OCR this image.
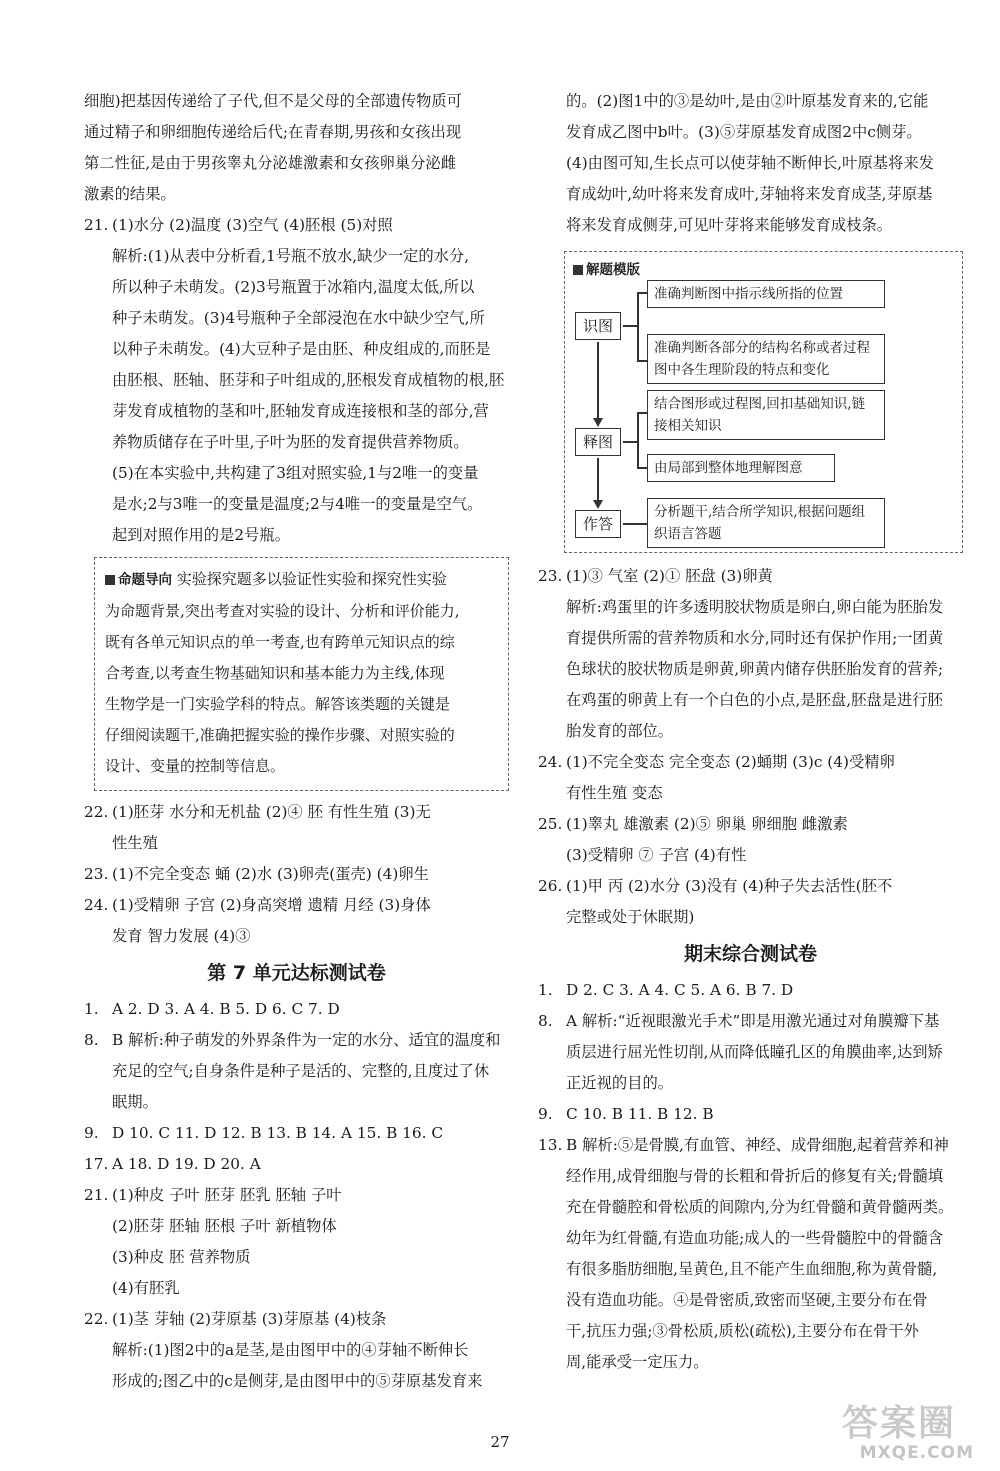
细胞)把基因传递给了子代,但不是父母的全部遗传物质可

通过精子和卵细胞传递给后代;在青春期,男孩和女孩出现

第二性征,是由于男孩睾丸分泌雄激素和女孩卵巢分泌雌

激素的结果。

21. (1)水分 (2)温度 (3)空气 (4)胚根 (5)对照
解析:(1)从表中分析看,1号瓶不放水,缺少一定的水分,
所以种子未萌发。(2)3号瓶置于冰箱内,温度太低,所以
种子未萌发。(3)4号瓶种子全部浸泡在水中缺少空气,所
以种子未萌发。(4)大豆种子是由胚、种皮组成的,而胚是
由胚根、胚轴、胚芽和子叶组成的,胚根发育成植物的根,胚
芽发育成植物的茎和叶,胚轴发育成连接根和茎的部分,营
养物质储存在子叶里,子叶为胚的发育提供营养物质。
(5)在本实验中,共构建了3组对照实验,1与2唯一的变量
是水;2与3唯一的变量是温度;2与4唯一的变量是空气。
起到对照作用的是2号瓶。
命题导向 实验探究题多以验证性实验和探究性实验
为命题背景,突出考查对实验的设计、分析和评价能力,
既有各单元知识点的单一考查,也有跨单元知识点的综
合考查,以考查生物基础知识和基本能力为主线,体现
生物学是一门实验学科的特点。解答该类题的关键是
仔细阅读题干,准确把握实验的操作步骤、对照实验的
设计、变量的控制等信息。
22. (1)胚芽 水分和无机盐 (2)④ 胚 有性生殖 (3)无
性生殖
23. (1)不完全变态 蛹 (2)水 (3)卵壳(蛋壳) (4)卵生
24. (1)受精卵 子宫 (2)身高突增 遗精 月经 (3)身体
发育 智力发展 (4)③
第 7 单元达标测试卷
1. A 2. D 3. A 4. B 5. D 6. C 7. D
8. B 解析:种子萌发的外界条件为一定的水分、适宜的温度和
充足的空气;自身条件是种子是活的、完整的,且度过了休
眠期。
9. D 10. C 11. D 12. B 13. B 14. A 15. B 16. C
17. A 18. D 19. D 20. A
21. (1)种皮 子叶 胚芽 胚乳 胚轴 子叶
(2)胚芽 胚轴 胚根 子叶 新植物体
(3)种皮 胚 营养物质
(4)有胚乳
22. (1)茎 芽轴 (2)芽原基 (3)芽原基 (4)枝条
解析:(1)图2中的a是茎,是由图甲中的④芽轴不断伸长
形成的;图乙中的c是侧芽,是由图甲中的⑤芽原基发育来

的。(2)图1中的③是幼叶,是由②叶原基发育来的,它能

发育成乙图中b叶。(3)⑤芽原基发育成图2中c侧芽。

(4)由图可知,生长点可以使芽轴不断伸长,叶原基将来发

育成幼叶,幼叶将来发育成叶,芽轴将来发育成茎,芽原基

将来发育成侧芽,可见叶芽将来能够发育成枝条。

解题模版
识图
释图
作答
准确判断图中指示线所指的位置
准确判断各部分的结构名称或者过程图中各生理阶段的特点和变化
结合图形或过程图,回扣基础知识,链接相关知识
由局部到整体地理解图意
分析题干,结合所学知识,根据问题组织语言答题
23. (1)③ 气室 (2)① 胚盘 (3)卵黄
解析:鸡蛋里的许多透明胶状物质是卵白,卵白能为胚胎发
育提供所需的营养物质和水分,同时还有保护作用;一团黄
色球状的胶状物质是卵黄,卵黄内储存供胚胎发育的营养;
在鸡蛋的卵黄上有一个白色的小点,是胚盘,胚盘是进行胚
胎发育的部位。
24. (1)不完全变态 完全变态 (2)蛹期 (3)c (4)受精卵
有性生殖 变态
25. (1)睾丸 雄激素 (2)⑤ 卵巢 卵细胞 雌激素
(3)受精卵 ⑦ 子宫 (4)有性
26. (1)甲 丙 (2)水分 (3)没有 (4)种子失去活性(胚不
完整或处于休眠期)
期末综合测试卷
1. D 2. C 3. A 4. C 5. A 6. B 7. D
8. A 解析:“近视眼激光手术”即是用激光通过对角膜瓣下基
质层进行屈光性切削,从而降低瞳孔区的角膜曲率,达到矫
正近视的目的。
9. C 10. B 11. B 12. B
13. B 解析:⑤是骨膜,有血管、神经、成骨细胞,起着营养和神
经作用,成骨细胞与骨的长粗和骨折后的修复有关;骨髓填
充在骨髓腔和骨松质的间隙内,分为红骨髓和黄骨髓两类。
幼年为红骨髓,有造血功能;成人的一些骨髓腔中的骨髓含
有很多脂肪细胞,呈黄色,且不能产生血细胞,称为黄骨髓,
没有造血功能。④是骨密质,致密而坚硬,主要分布在骨
干,抗压力强;③骨松质,质松(疏松),主要分布在骨干外
周,能承受一定压力。
27	答案圈
MXQE.COM
